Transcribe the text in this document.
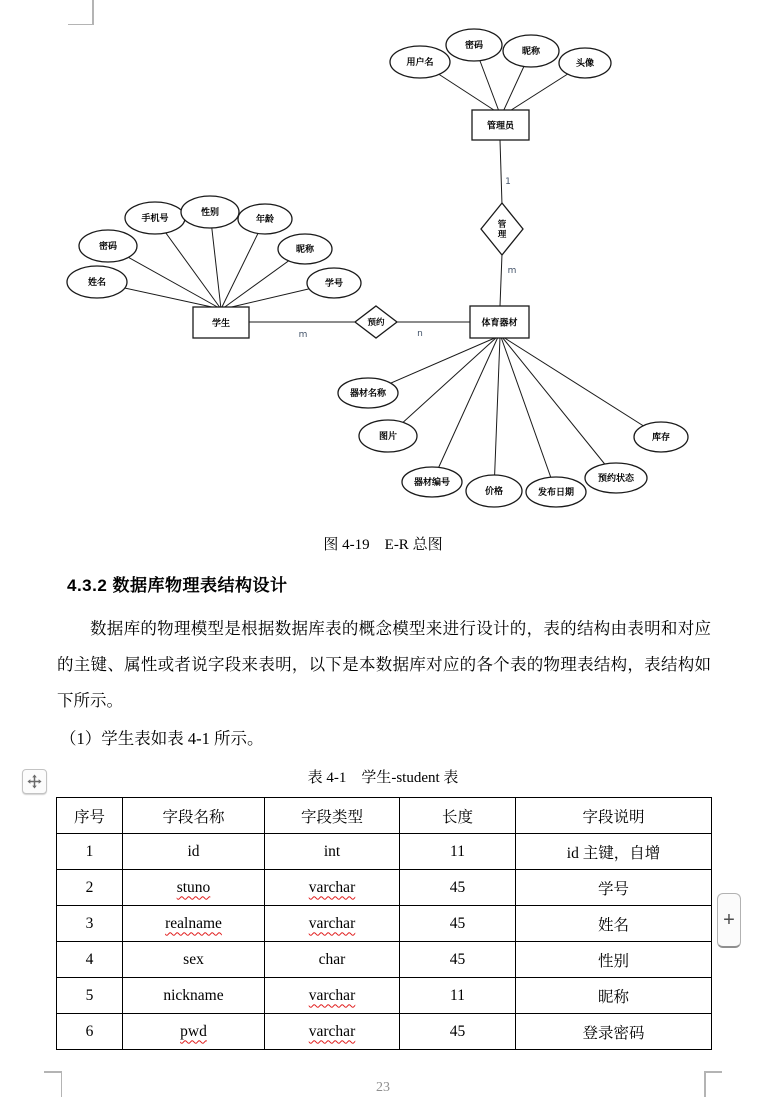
用户名
密码
昵称
头像
姓名
密码
手机号
性别
年龄
昵称
学号
器材名称
图片
器材编号
价格	发布日期
预约状态
库存
管理员
学生	体育器材
管理
预约
1
m
m	n
图 4-19　E-R 总图
4.3.2 数据库物理表结构设计
数据库的物理模型是根据数据库表的概念模型来进行设计的，表的结构由表明和对应的主键、属性或者说字段来表明，以下是本数据库对应的各个表的物理表结构，表结构如下所示。
（1）学生表如表 4-1 所示。
表 4-1　学生-student 表
序号	字段名称	字段类型	长度	字段说明
1	id	int	11	id 主键，自增
2	stuno	varchar	45	学号
3	realname	varchar	45	姓名
4	sex	char	45	性别
5	nickname	varchar	11	昵称
6	pwd	varchar	45	登录密码
+
23
